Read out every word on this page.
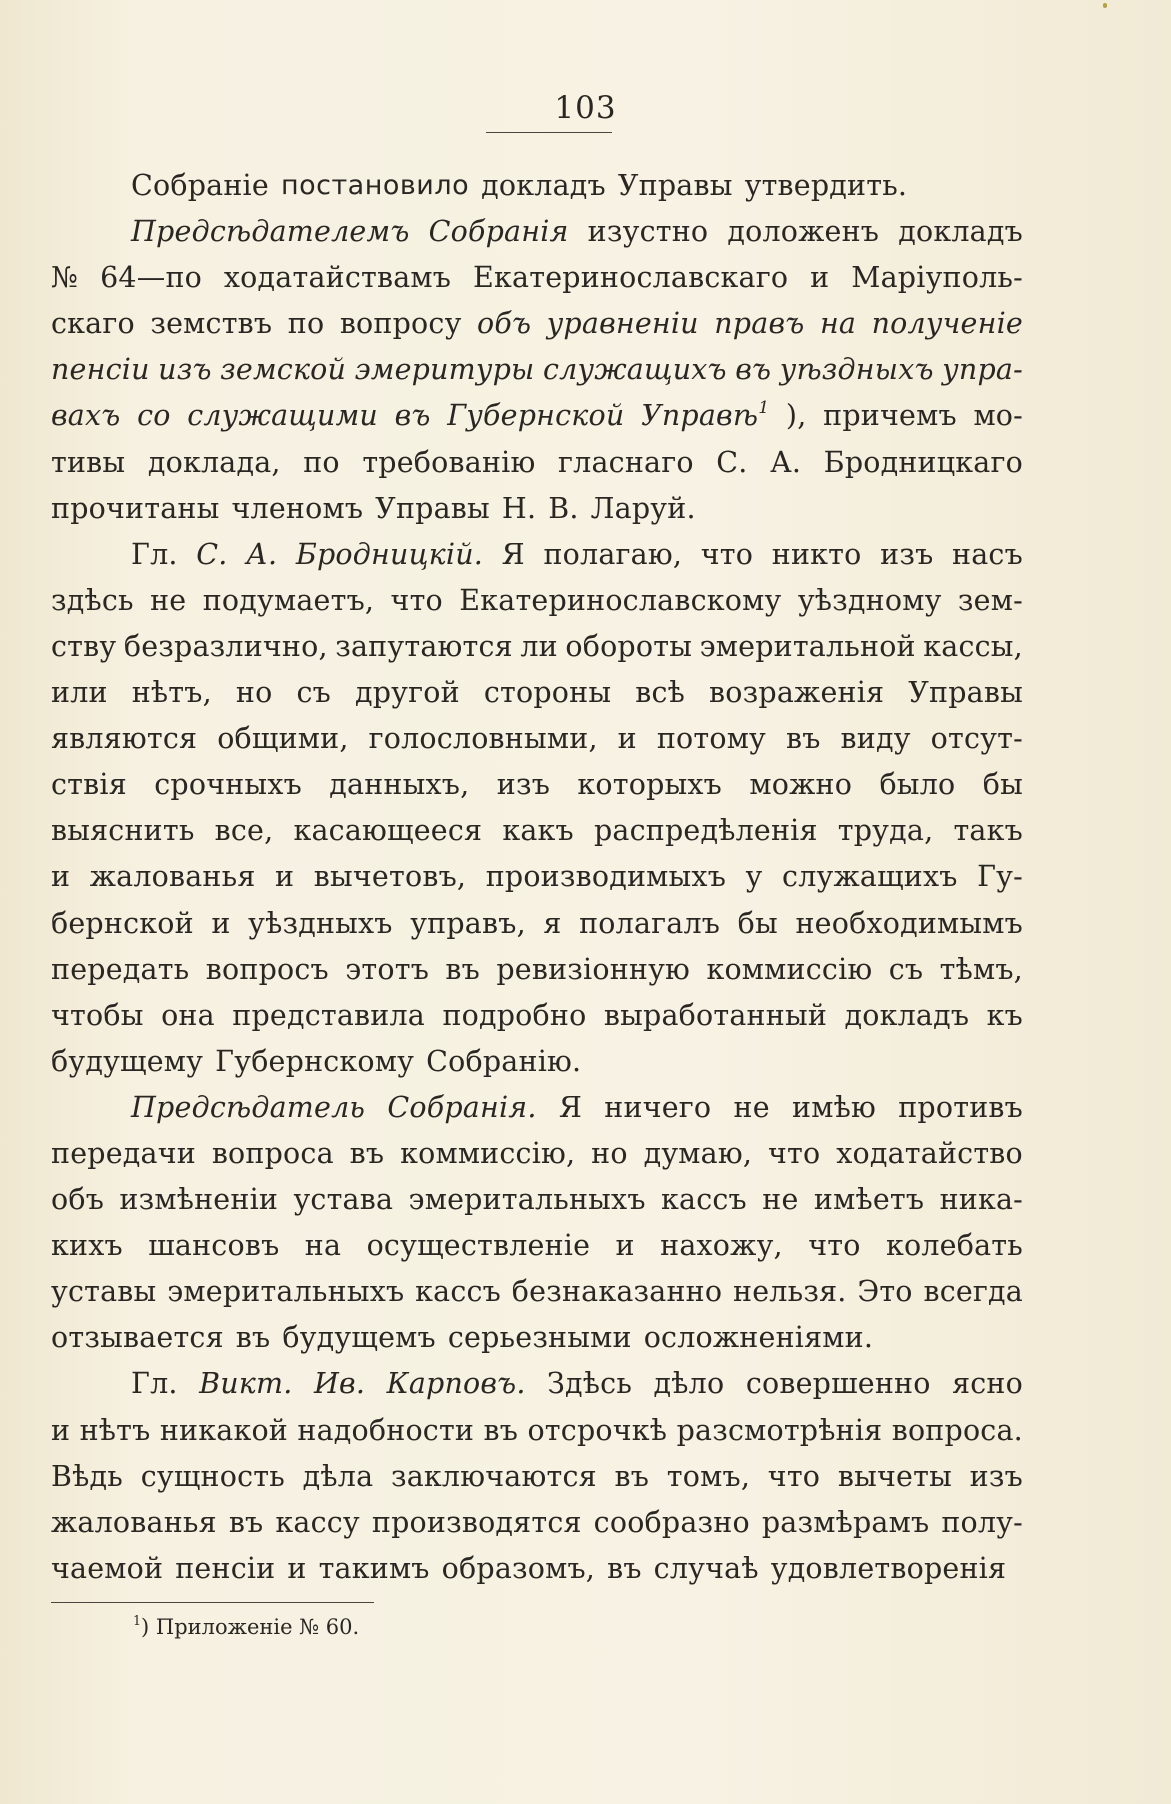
103
Собраніе постановило докладъ Управы утвердить.
Предсѣдателемъ Собранія изустно доложенъ докладъ
№ 64—по ходатайствамъ Екатеринославскаго и Маріуполь-
скаго земствъ по вопросу объ уравненіи правъ на полученіе
пенсіи изъ земской эмеритуры служащихъ въ уѣздныхъ упра-
вахъ со служащими въ Губернской Управѣ$^1$ ), причемъ мо-
тивы доклада, по требованію гласнаго С. А. Бродницкаго
прочитаны членомъ Управы Н. В. Ларуй.
Гл. С. А. Бродницкій. Я полагаю, что никто изъ насъ
здѣсь не подумаетъ, что Екатеринославскому уѣздному зем-
ству безразлично, запутаются ли обороты эмеритальной кассы,
или нѣтъ, но съ другой стороны всѣ возраженія Управы
являются общими, голословными, и потому въ виду отсут-
ствія срочныхъ данныхъ, изъ которыхъ можно было бы
выяснить все, касающееся какъ распредѣленія труда, такъ
и жалованья и вычетовъ, производимыхъ у служащихъ Гу-
бернской и уѣздныхъ управъ, я полагалъ бы необходимымъ
передать вопросъ этотъ въ ревизіонную коммиссію съ тѣмъ,
чтобы она представила подробно выработанный докладъ къ
будущему Губернскому Собранію.
Предсѣдатель Собранія. Я ничего не имѣю противъ
передачи вопроса въ коммиссію, но думаю, что ходатайство
объ измѣненіи устава эмеритальныхъ кассъ не имѣетъ ника-
кихъ шансовъ на осуществленіе и нахожу, что колебать
уставы эмеритальныхъ кассъ безнаказанно нельзя. Это всегда
отзывается въ будущемъ серьезными осложненіями.
Гл. Викт. Ив. Карповъ. Здѣсь дѣло совершенно ясно
и нѣтъ никакой надобности въ отсрочкѣ разсмотрѣнія вопроса.
Вѣдь сущность дѣла заключаются въ томъ, что вычеты изъ
жалованья въ кассу производятся сообразно размѣрамъ полу-
чаемой пенсіи и такимъ образомъ, въ случаѣ удовлетворенія
$^1$) Приложеніе № 60.
